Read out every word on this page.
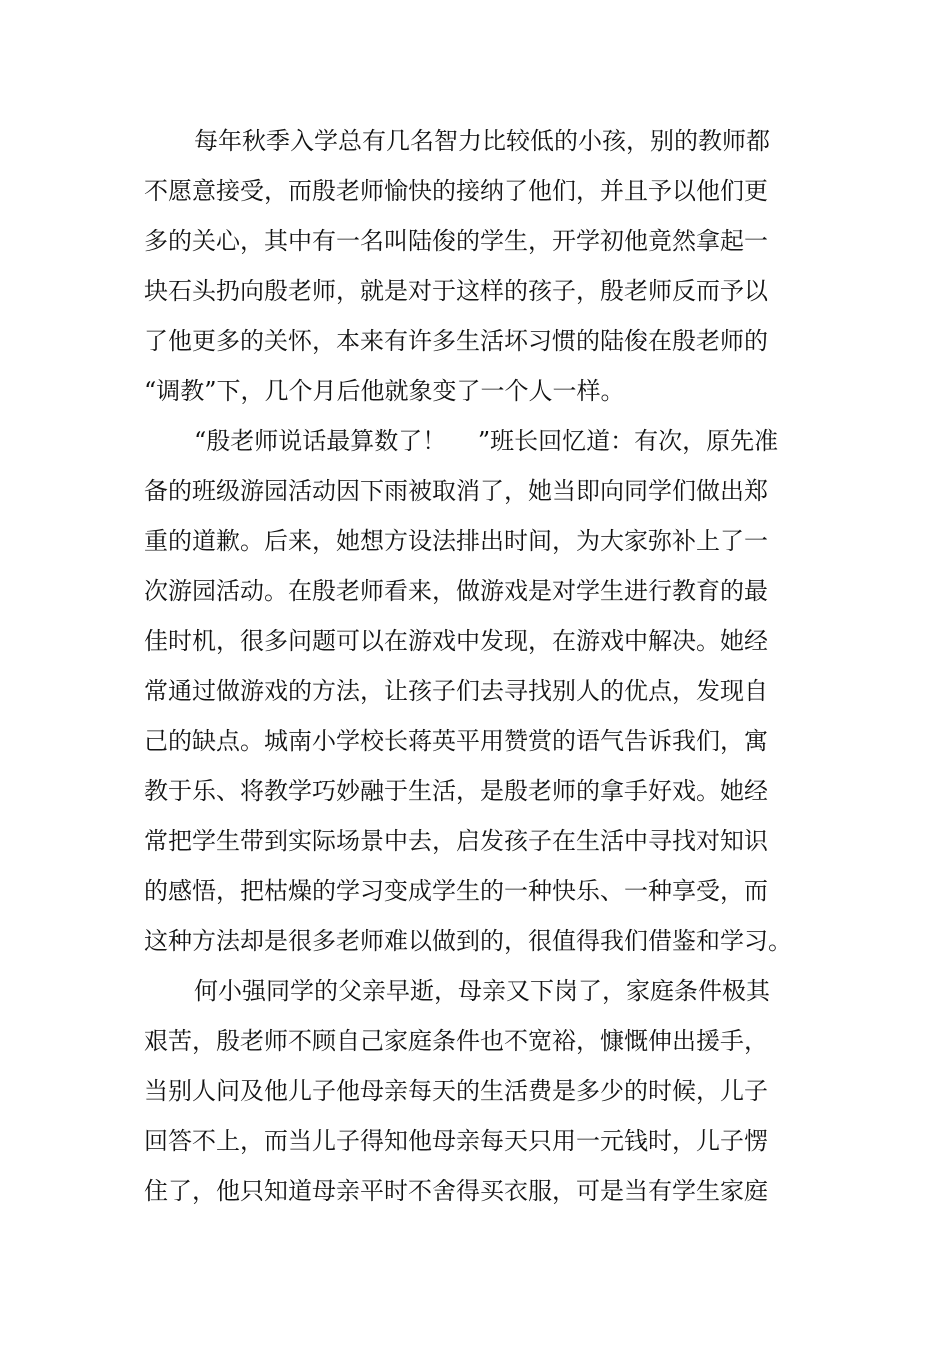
每年秋季入学总有几名智力比较低的小孩，别的教师都
不愿意接受，而殷老师愉快的接纳了他们，并且予以他们更
多的关心，其中有一名叫陆俊的学生，开学初他竟然拿起一
块石头扔向殷老师，就是对于这样的孩子，殷老师反而予以
了他更多的关怀，本来有许多生活坏习惯的陆俊在殷老师的
“调教”下，几个月后他就象变了一个人一样。
“殷老师说话最算数了！　 ”班长回忆道：有次，原先准
备的班级游园活动因下雨被取消了，她当即向同学们做出郑
重的道歉。后来，她想方设法排出时间，为大家弥补上了一
次游园活动。在殷老师看来，做游戏是对学生进行教育的最
佳时机，很多问题可以在游戏中发现，在游戏中解决。她经
常通过做游戏的方法，让孩子们去寻找别人的优点，发现自
己的缺点。城南小学校长蒋英平用赞赏的语气告诉我们，寓
教于乐、将教学巧妙融于生活，是殷老师的拿手好戏。她经
常把学生带到实际场景中去，启发孩子在生活中寻找对知识
的感悟，把枯燥的学习变成学生的一种快乐、一种享受，而
这种方法却是很多老师难以做到的，很值得我们借鉴和学习。
何小强同学的父亲早逝，母亲又下岗了，家庭条件极其
艰苦，殷老师不顾自己家庭条件也不宽裕，慷慨伸出援手，
当别人问及他儿子他母亲每天的生活费是多少的时候，儿子
回答不上，而当儿子得知他母亲每天只用一元钱时，儿子愣
住了，他只知道母亲平时不舍得买衣服，可是当有学生家庭
